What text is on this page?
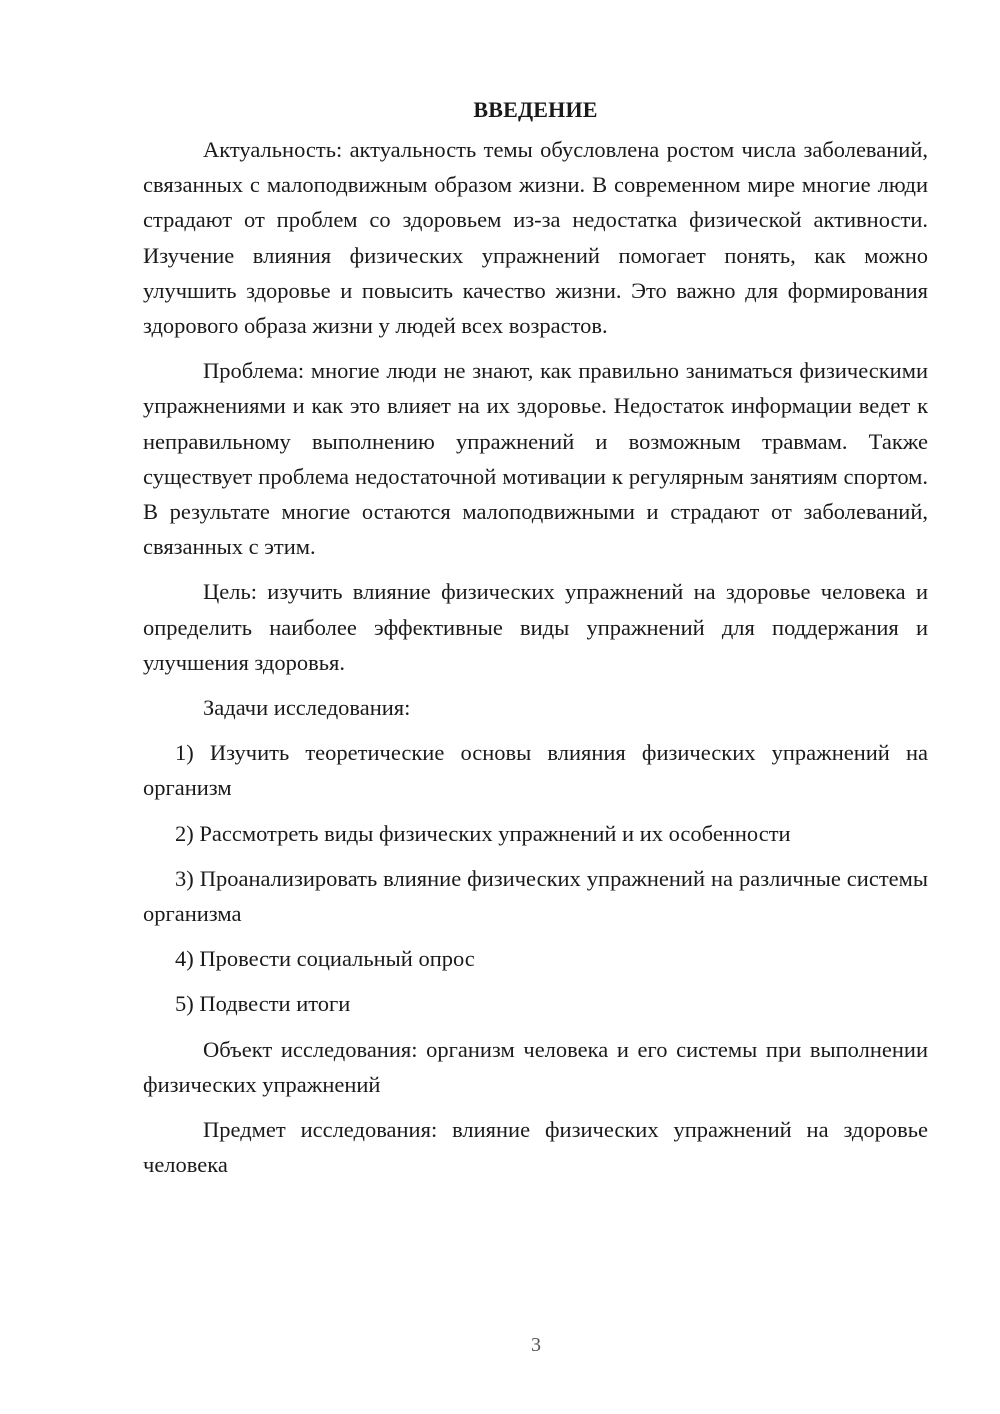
ВВЕДЕНИЕ

Актуальность: актуальность темы обусловлена ростом числа заболеваний, связанных с малоподвижным образом жизни. В современном мире многие люди страдают от проблем со здоровьем из-за недостатка физической активности. Изучение влияния физических упражнений помогает понять, как можно улучшить здоровье и повысить качество жизни. Это важно для формирования здорового образа жизни у людей всех возрастов.

Проблема: многие люди не знают, как правильно заниматься физическими упражнениями и как это влияет на их здоровье. Недостаток информации ведет к неправильному выполнению упражнений и возможным травмам. Также существует проблема недостаточной мотивации к регулярным занятиям спортом. В результате многие остаются малоподвижными и страдают от заболеваний, связанных с этим.

Цель: изучить влияние физических упражнений на здоровье человека и определить наиболее эффективные виды упражнений для поддержания и улучшения здоровья.

Задачи исследования:

1) Изучить теоретические основы влияния физических упражнений на организм

2) Рассмотреть виды физических упражнений и их особенности

3) Проанализировать влияние физических упражнений на различные системы организма

4) Провести социальный опрос

5) Подвести итоги

Объект исследования: организм человека и его системы при выполнении физических упражнений

Предмет исследования: влияние физических упражнений на здоровье человека

3
